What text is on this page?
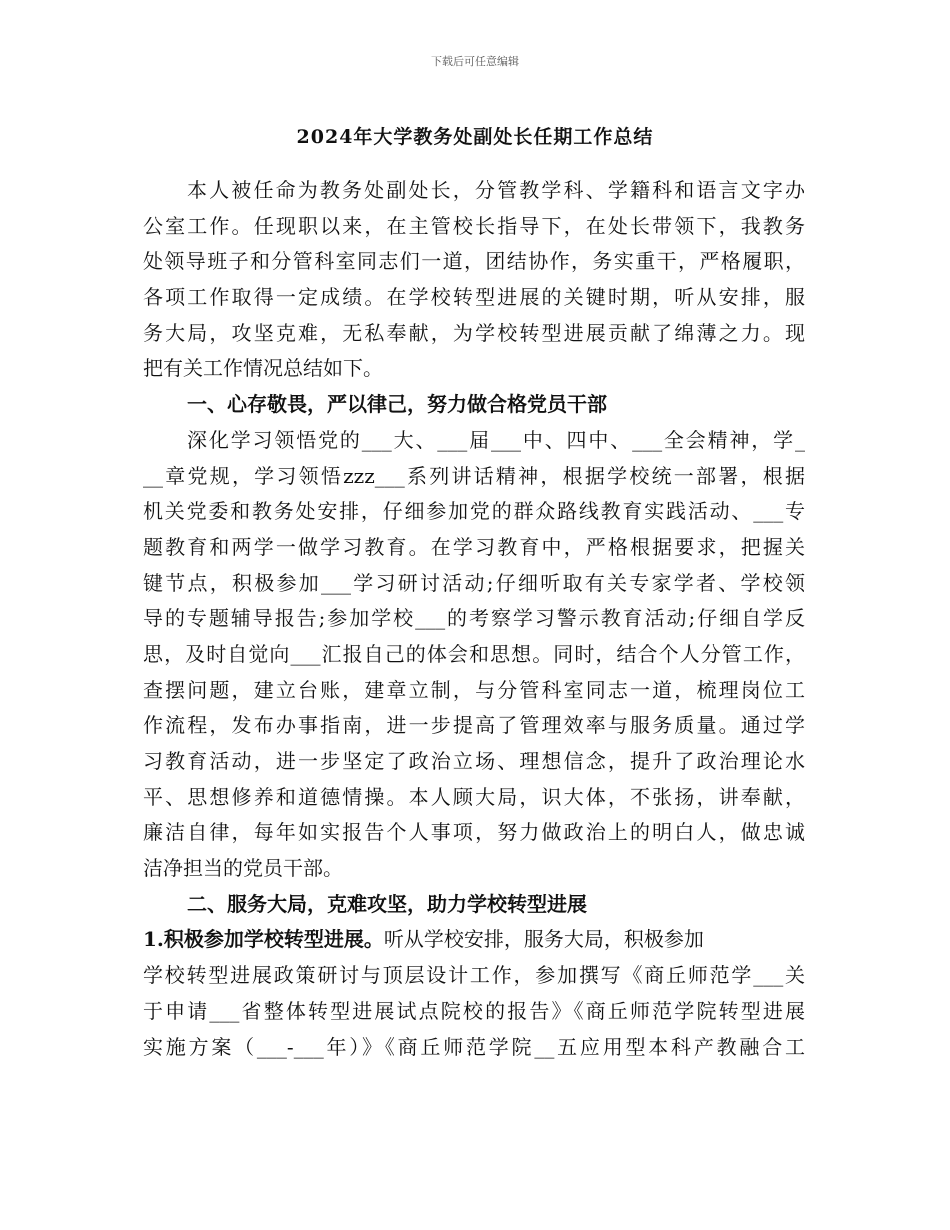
下载后可任意编辑
2024年大学教务处副处长任期工作总结
本人被任命为教务处副处长，分管教学科、学籍科和语言文字办
公室工作。任现职以来，在主管校长指导下，在处长带领下，我教务
处领导班子和分管科室同志们一道，团结协作，务实重干，严格履职，
各项工作取得一定成绩。在学校转型进展的关键时期，听从安排，服
务大局，攻坚克难，无私奉献，为学校转型进展贡献了绵薄之力。现
把有关工作情况总结如下。
一、心存敬畏，严以律己，努力做合格党员干部
深化学习领悟党的___大、___届___中、四中、___全会精神，学_
__章党规，学习领悟zzz___系列讲话精神，根据学校统一部署，根据
机关党委和教务处安排，仔细参加党的群众路线教育实践活动、___专
题教育和两学一做学习教育。在学习教育中，严格根据要求，把握关
键节点，积极参加___学习研讨活动;仔细听取有关专家学者、学校领
导的专题辅导报告;参加学校___的考察学习警示教育活动;仔细自学反
思，及时自觉向___汇报自己的体会和思想。同时，结合个人分管工作，
查摆问题，建立台账，建章立制，与分管科室同志一道，梳理岗位工
作流程，发布办事指南，进一步提高了管理效率与服务质量。通过学
习教育活动，进一步坚定了政治立场、理想信念，提升了政治理论水
平、思想修养和道德情操。本人顾大局，识大体，不张扬，讲奉献，
廉洁自律，每年如实报告个人事项，努力做政治上的明白人，做忠诚
洁净担当的党员干部。
二、服务大局，克难攻坚，助力学校转型进展
1.积极参加学校转型进展。听从学校安排，服务大局，积极参加
学校转型进展政策研讨与顶层设计工作，参加撰写《商丘师范学___关
于申请___省整体转型进展试点院校的报告》《商丘师范学院转型进展
实施方案（___-___年）》《商丘师范学院__五应用型本科产教融合工
